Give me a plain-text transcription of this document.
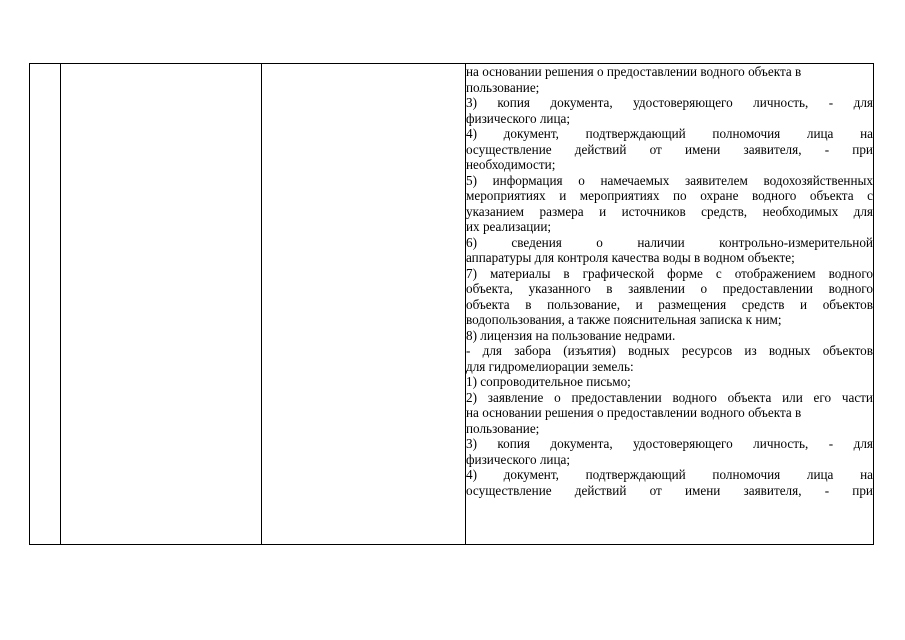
на основании решения о предоставлении водного объекта в
пользование;
3) копия документа, удостоверяющего личность, - для
физического лица;
4) документ, подтверждающий полномочия лица на
осуществление действий от имени заявителя, - при
необходимости;
5) информация о намечаемых заявителем водохозяйственных
мероприятиях и мероприятиях по охране водного объекта с
указанием размера и источников средств, необходимых для
их реализации;
6) сведения о наличии контрольно-измерительной
аппаратуры для контроля качества воды в водном объекте;
7) материалы в графической форме с отображением водного
объекта, указанного в заявлении о предоставлении водного
объекта в пользование, и размещения средств и объектов
водопользования, а также пояснительная записка к ним;
8) лицензия на пользование недрами.
- для забора (изъятия) водных ресурсов из водных объектов
для гидромелиорации земель:
1) сопроводительное письмо;
2) заявление о предоставлении водного объекта или его части
на основании решения о предоставлении водного объекта в
пользование;
3) копия документа, удостоверяющего личность, - для
физического лица;
4) документ, подтверждающий полномочия лица на
осуществление действий от имени заявителя, - при
